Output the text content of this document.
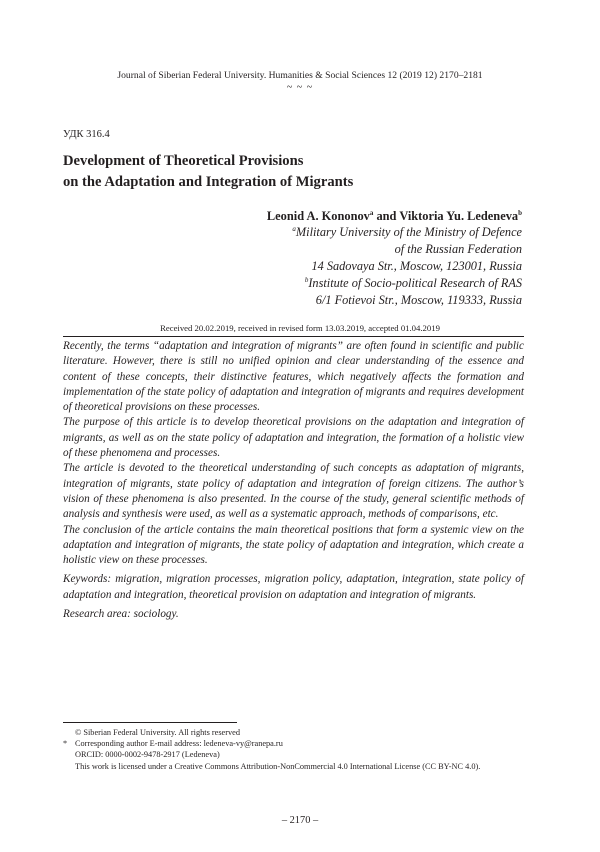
Journal of Siberian Federal University. Humanities & Social Sciences 12 (2019 12) 2170–2181
~ ~ ~
УДК 316.4
Development of Theoretical Provisions
on the Adaptation and Integration of Migrants
Leonid A. Kononov$^a$ and Viktoria Yu. Ledeneva$^b$
$^a$Military University of the Ministry of Defence
of the Russian Federation
14 Sadovaya Str., Moscow, 123001, Russia
$^b$Institute of Socio-political Research of RAS
6/1 Fotievoi Str., Moscow, 119333, Russia
Received 20.02.2019, received in revised form 13.03.2019, accepted 01.04.2019

Recently, the terms “adaptation and integration of migrants” are often found in scientific and public literature. However, there is still no unified opinion and clear understanding of the essence and content of these concepts, their distinctive features, which negatively affects the formation and implementation of the state policy of adaptation and integration of migrants and requires development of theoretical provisions on these processes.

The purpose of this article is to develop theoretical provisions on the adaptation and integration of migrants, as well as on the state policy of adaptation and integration, the formation of a holistic view of these phenomena and processes.

The article is devoted to the theoretical understanding of such concepts as adaptation of migrants, integration of migrants, state policy of adaptation and integration of foreign citizens. The author’s vision of these phenomena is also presented. In the course of the study, general scientific methods of analysis and synthesis were used, as well as a systematic approach, methods of comparisons, etc.

The conclusion of the article contains the main theoretical positions that form a systemic view on the adaptation and integration of migrants, the state policy of adaptation and integration, which create a holistic view on these processes.

Keywords: migration, migration processes, migration policy, adaptation, integration, state policy of adaptation and integration, theoretical provision on adaptation and integration of migrants.

Research area: sociology.

© Siberian Federal University. All rights reserved
* Corresponding author E-mail address: ledeneva-vy@ranepa.ru
ORCID: 0000-0002-9478-2917 (Ledeneva)
This work is licensed under a Creative Commons Attribution-NonCommercial 4.0 International License (CC BY-NC 4.0).
– 2170 –
